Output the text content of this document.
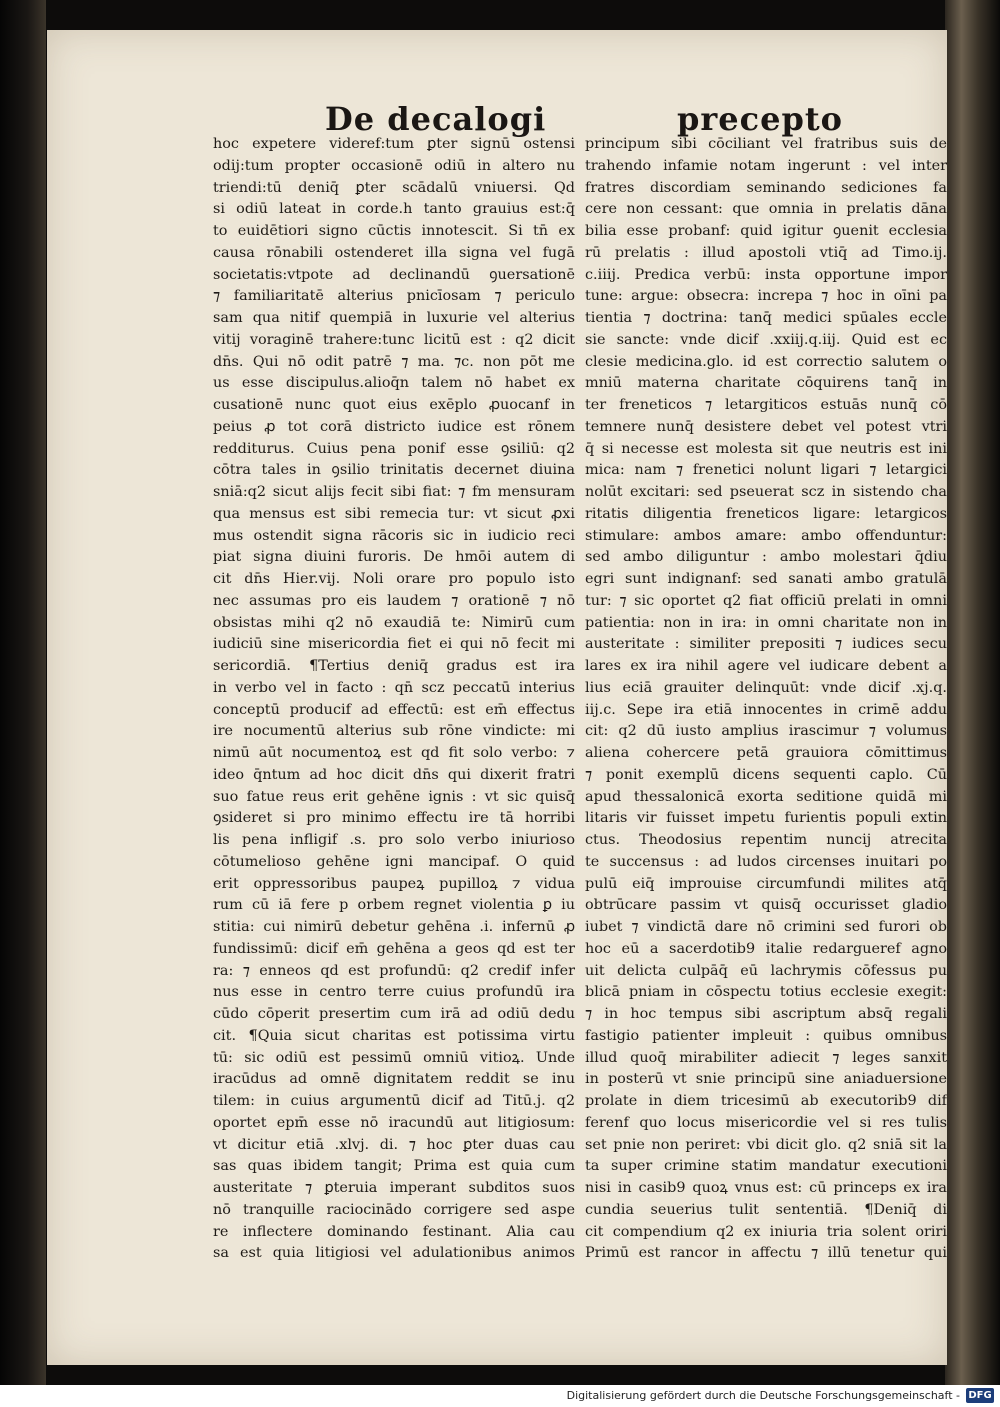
De decalogi	precepto
hoc expetere videref:tum ꝑter signū ostensi
odij:tum propter occasionē odiū in altero nu
triendi:tū deniq̄ ꝑter scādalū vniuersi. Qd
si odiū lateat in corde.h tanto grauius est:q̄
to euidētiori signo cūctis innotescit. Si tn̄ ex
causa rōnabili ostenderet illa signa vel fugā
societatis:vtpote ad declinandū ꝯuersationē
⁊ familiaritatē alterius pnicīosam ⁊ periculo
sam qua nitif quempiā in luxurie vel alterius
vitij voraginē trahere:tunc licitū est : q2 dicit
dn̄s. Qui nō odit patrē ⁊ ma. ⁊c. non pōt me
us esse discipulus.alioq̄n talem nō habet ex
cusationē nunc quot eius exēplo ꝓuocanf in
peius ꝓ tot corā districto iudice est rōnem
redditurus. Cuius pena ponif esse ꝯsiliū: q2
cōtra tales in ꝯsilio trinitatis decernet diuina
sniā:q2 sicut alijs fecit sibi fiat: ⁊ fm mensuram
qua mensus est sibi remecia tur: vt sicut ꝓxi
mus ostendit signa rācoris sic in iudicio reci
piat signa diuini furoris. De hmōi autem di
cit dn̄s Hier.vij. Noli orare pro populo isto
nec assumas pro eis laudem ⁊ orationē ⁊ nō
obsistas mihi q2 nō exaudiā te: Nimirū cum
iudiciū sine misericordia fiet ei qui nō fecit mi
sericordiā. ¶Tertius deniq̄ gradus est ira
in verbo vel in facto : qn̄ scz peccatū interius
conceptū producif ad effectū: est em̄ effectus
ire nocumentū alterius sub rōne vindicte: mi
nimū aūt nocumentoꝝ est qd fit solo verbo: ⁊
ideo q̄ntum ad hoc dicit dn̄s qui dixerit fratri
suo fatue reus erit gehēne ignis : vt sic quisq̄
ꝯsideret si pro minimo effectu ire tā horribi
lis pena infligif .s. pro solo verbo iniurioso
cōtumelioso gehēne igni mancipaf. O quid
erit oppressoribus paupeꝝ pupilloꝝ ⁊ vidua
rum cū iā fere p orbem regnet violentia ꝑ iu
stitia: cui nimirū debetur gehēna .i. infernū ꝓ
fundissimū: dicif em̄ gehēna a geos qd est ter
ra: ⁊ enneos qd est profundū: q2 credif infer
nus esse in centro terre cuius profundū ira
cūdo cōperit presertim cum irā ad odiū dedu
cit. ¶Quia sicut charitas est potissima virtu
tū: sic odiū est pessimū omniū vitioꝝ. Unde
iracūdus ad omnē dignitatem reddit se inu
tilem: in cuius argumentū dicif ad Titū.j. q2
oportet epm̄ esse nō iracundū aut litigiosum:
vt dicitur etiā .xlvj. di. ⁊ hoc ꝑter duas cau
sas quas ibidem tangit; Prima est quia cum
austeritate ⁊ ꝑteruia imperant subditos suos
nō tranquille raciocinādo corrigere sed aspe
re inflectere dominando festinant. Alia cau
sa est quia litigiosi vel adulationibus animos
principum sibi cōciliant vel fratribus suis de
trahendo infamie notam ingerunt : vel inter
fratres discordiam seminando sediciones fa
cere non cessant: que omnia in prelatis dāna
bilia esse probanf: quid igitur ꝯuenit ecclesia
rū prelatis : illud apostoli vtiq̄ ad Timo.ij.
c.iiij. Predica verbū: insta opportune impor
tune: argue: obsecra: increpa ⁊ hoc in oīni pa
tientia ⁊ doctrina: tanq̄ medici spūales eccle
sie sancte: vnde dicif .xxiij.q.iij. Quid est ec
clesie medicina.glo. id est correctio salutem o
mniū materna charitate cōquirens tanq̄ in
ter freneticos ⁊ letargiticos estuās nunq̄ cō
temnere nunq̄ desistere debet vel potest vtri
q̄ si necesse est molesta sit que neutris est ini
mica: nam ⁊ frenetici nolunt ligari ⁊ letargici
nolūt excitari: sed pseuerat scz in sistendo cha
ritatis diligentia freneticos ligare: letargicos
stimulare: ambos amare: ambo offenduntur:
sed ambo diliguntur : ambo molestari q̄diu
egri sunt indignanf: sed sanati ambo gratulā
tur: ⁊ sic oportet q2 fiat officiū prelati in omni
patientia: non in ira: in omni charitate non in
austeritate : similiter prepositi ⁊ iudices secu
lares ex ira nihil agere vel iudicare debent a
lius eciā grauiter delinquūt: vnde dicif .xj.q.
iij.c. Sepe ira etiā innocentes in crimē addu
cit: q2 dū iusto amplius irascimur ⁊ volumus
aliena cohercere petā grauiora cōmittimus
⁊ ponit exemplū dicens sequenti caplo. Cū
apud thessalonicā exorta seditione quidā mi
litaris vir fuisset impetu furientis populi extin
ctus. Theodosius repentim nuncij atrecita
te succensus : ad ludos circenses inuitari po
pulū eiq̄ improuise circumfundi milites atq̄
obtrūcare passim vt quisq̄ occurisset gladio
iubet ⁊ vindictā dare nō crimini sed furori ob
hoc eū a sacerdotib9 italie redargueref agno
uit delicta culpāq̄ eū lachrymis cōfessus pu
blicā pniam in cōspectu totius ecclesie exegit:
⁊ in hoc tempus sibi ascriptum absq̄ regali
fastigio patienter impleuit : quibus omnibus
illud quoq̄ mirabiliter adiecit ⁊ leges sanxit
in posterū vt snie principū sine aniaduersione
prolate in diem tricesimū ab executorib9 dif
ferenf quo locus misericordie vel si res tulis
set pnie non periret: vbi dicit glo. q2 sniā sit la
ta super crimine statim mandatur executioni
nisi in casib9 quoꝝ vnus est: cū princeps ex ira
cundia seuerius tulit sententiā. ¶Deniq̄ di
cit compendium q2 ex iniuria tria solent oriri
Primū est rancor in affectu ⁊ illū tenetur qui
Digitalisierung gefördert durch die Deutsche Forschungsgemeinschaft - DFG
